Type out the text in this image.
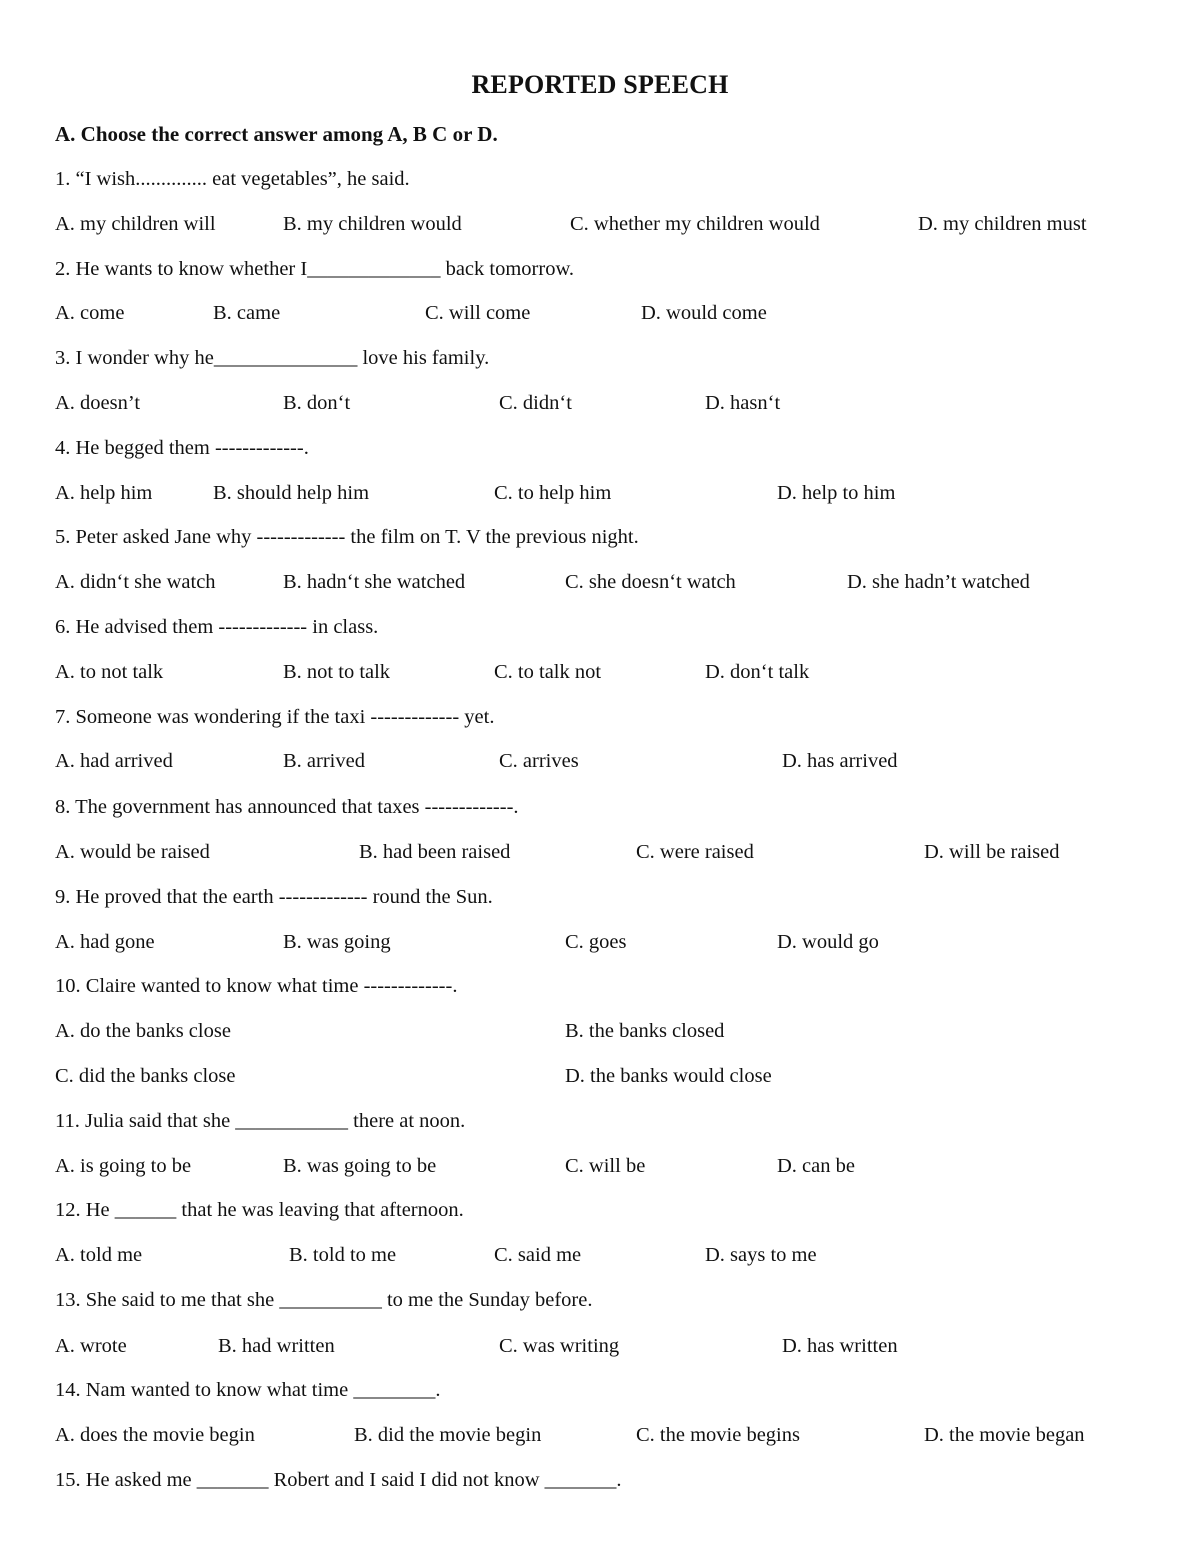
REPORTED SPEECH
A. Choose the correct answer among A, B C or D.
1. “I wish.............. eat vegetables”, he said.
A. my children will	B. my children would	C. whether my children would	D. my children must
2. He wants to know whether I_____________ back tomorrow.
A. come	B. came	C. will come	D. would come
3. I wonder why he______________ love his family.
A. doesn’t	B. don‘t	C. didn‘t	D. hasn‘t
4. He begged them -------------.
A. help him	B. should help him	C. to help him	D. help to him
5. Peter asked Jane why ------------- the film on T. V the previous night.
A. didn‘t she watch	B. hadn‘t she watched	C. she doesn‘t watch	D. she hadn’t watched
6. He advised them ------------- in class.
A. to not talk	B. not to talk	C. to talk not	D. don‘t talk
7. Someone was wondering if the taxi ------------- yet.
A. had arrived	B. arrived	C. arrives	D. has arrived
8. The government has announced that taxes -------------.
A. would be raised	B. had been raised	C. were raised	D. will be raised
9. He proved that the earth ------------- round the Sun.
A. had gone	B. was going	C. goes	D. would go
10. Claire wanted to know what time -------------.
A. do the banks close	B. the banks closed
C. did the banks close	D. the banks would close
11. Julia said that she ___________ there at noon.
A. is going to be	B. was going to be	C. will be	D. can be
12. He ______ that he was leaving that afternoon.
A. told me	B. told to me	C. said me	D. says to me
13. She said to me that she __________ to me the Sunday before.
A. wrote	B. had written	C. was writing	D. has written
14. Nam wanted to know what time ________.
A. does the movie begin	B. did the movie begin	C. the movie begins	D. the movie began
15. He asked me _______ Robert and I said I did not know _______.
